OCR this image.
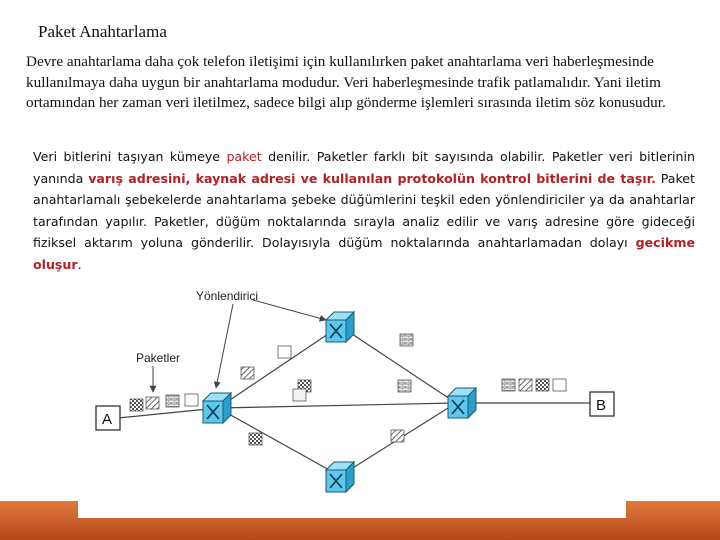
Paket Anahtarlama
Devre anahtarlama daha çok telefon iletişimi için kullanılırken paket anahtarlama veri haberleşmesinde kullanılmaya daha uygun bir anahtarlama modudur. Veri haberleşmesinde trafik patlamalıdır. Yani iletim ortamından her zaman veri iletilmez, sadece bilgi alıp gönderme işlemleri sırasında iletim söz konusudur.
Veri bitlerini taşıyan kümeye paket denilir. Paketler farklı bit sayısında olabilir. Paketler veri bitlerinin yanında varış adresini, kaynak adresi ve kullanılan protokolün kontrol bitlerini de taşır. Paket anahtarlamalı şebekelerde anahtarlama şebeke düğümlerini teşkil eden yönlendiriciler ya da anahtarlar tarafından yapılır. Paketler, düğüm noktalarında sırayla analiz edilir ve varış adresine göre gideceği fiziksel aktarım yoluna gönderilir. Dolayısıyla düğüm noktalarında anahtarlamadan dolayı gecikme oluşur.
Yönlendirici
Paketler
A
B
